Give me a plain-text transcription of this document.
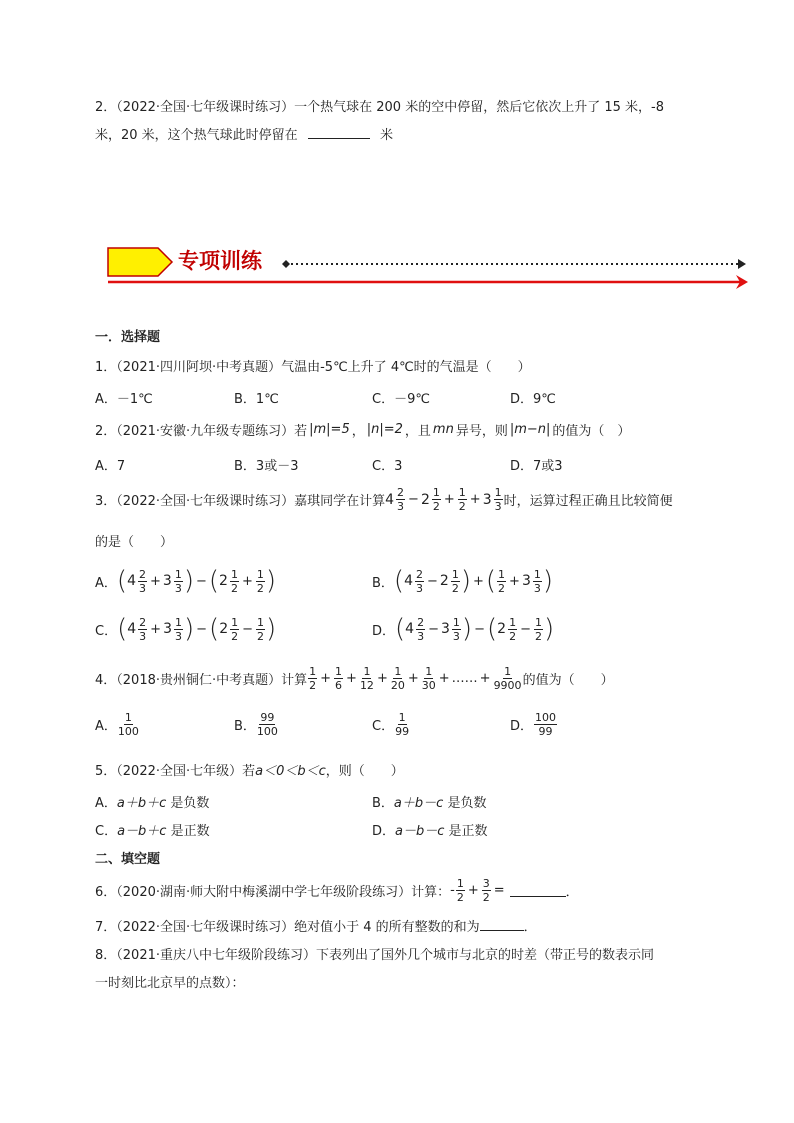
2．（2022·全国·七年级课时练习）一个热气球在 200 米的空中停留，然后它依次上升了 15 米，-8
米，20 米，这个热气球此时停留在	米
专项训练
一．选择题
1．（2021·四川阿坝·中考真题）气温由-5℃上升了 4℃时的气温是（　　）
A．－1℃	B．1℃	C．－9℃	D．9℃
2．（2021·安徽·九年级专题练习）若 |m|=5 ， |n|=2 ，且 mn 异号，则 |m−n| 的值为（　）
A．7	B．3或－3	C．3	D．7或3
3．（2022·全国·七年级课时练习）嘉琪同学在计算 $4 \frac{2}{3} - 2 \frac{1}{2} + \frac{1}{2} + 3 \frac{1}{3}$ 时，运算过程正确且比较简便
的是（　　）
A． ( $4 \frac{2}{3} + 3 \frac{1}{3}$ ) − ( $2 \frac{1}{2} + \frac{1}{2}$ )	B． ( $4 \frac{2}{3} - 2 \frac{1}{2}$ ) + ( $\frac{1}{2} + 3 \frac{1}{3}$ )
C． ( $4 \frac{2}{3} + 3 \frac{1}{3}$ ) − ( $2 \frac{1}{2} - \frac{1}{2}$ )	D． ( $4 \frac{2}{3} - 3 \frac{1}{3}$ ) − ( $2 \frac{1}{2} - \frac{1}{2}$ )
4．（2018·贵州铜仁·中考真题）计算 $\frac{1}{2} + \frac{1}{6} + \frac{1}{12} + \frac{1}{20} + \frac{1}{30}$ + …… + $\frac{1}{9900}$ 的值为（　　）
A． $\frac{1}{100}$	B． $\frac{99}{100}$	C． $\frac{1}{99}$	D． $\frac{100}{99}$
5．（2022·全国·七年级）若a＜0＜b＜c，则（　　）
A．a＋b＋c 是负数	B．a＋b－c 是负数
C．a－b＋c 是正数	D．a－b－c 是正数
二、填空题
6．（2020·湖南·师大附中梅溪湖中学七年级阶段练习）计算： - $\frac{1}{2} + \frac{3}{2}$ =	．
7．（2022·全国·七年级课时练习）绝对值小于 4 的所有整数的和为	．
8．（2021·重庆八中七年级阶段练习）下表列出了国外几个城市与北京的时差（带正号的数表示同
一时刻比北京早的点数）：
